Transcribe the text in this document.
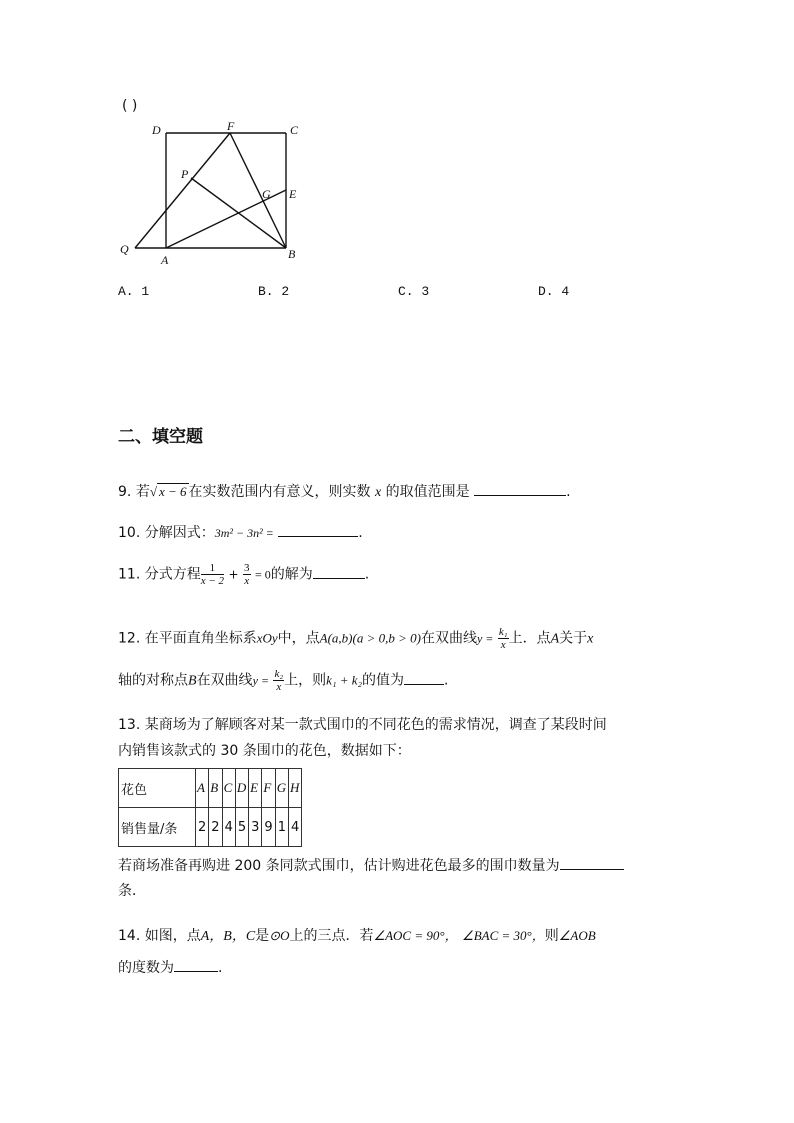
( )
D	F	C
P
G E
Q
A	B
A. 1	B. 2	C. 3	D. 4
二、填空题
9. 若√ x − 6 在实数范围内有意义，则实数 x 的取值范围是	.
10. 分解因式：3m² − 3n² =	.
11. 分式方程 $\frac{1}{x - 2} + \frac{3}{x} = 0$的解为	.
12. 在平面直角坐标系xOy中，点A(a,b)(a > 0,b > 0)在双曲线$y = \frac{\text{k₁}}{x}$ 上．点A关于x
轴的对称点B在双曲线$y = \frac{\text{k₂}}{x}$ 上，则k₁ + k₂的值为	.
13. 某商场为了解顾客对某一款式围巾的不同花色的需求情况，调查了某段时间
内销售该款式的 30 条围巾的花色，数据如下：
花色	A	B	C	D	E	F	G	H
销售量/条	2	2	4	5	3	9	1	4
若商场准备再购进 200 条同款式围巾，估计购进花色最多的围巾数量为
条．
14. 如图，点A，B，C是⊙O上的三点．若∠AOC = 90°， ∠BAC = 30°，则∠AOB
的度数为	.
